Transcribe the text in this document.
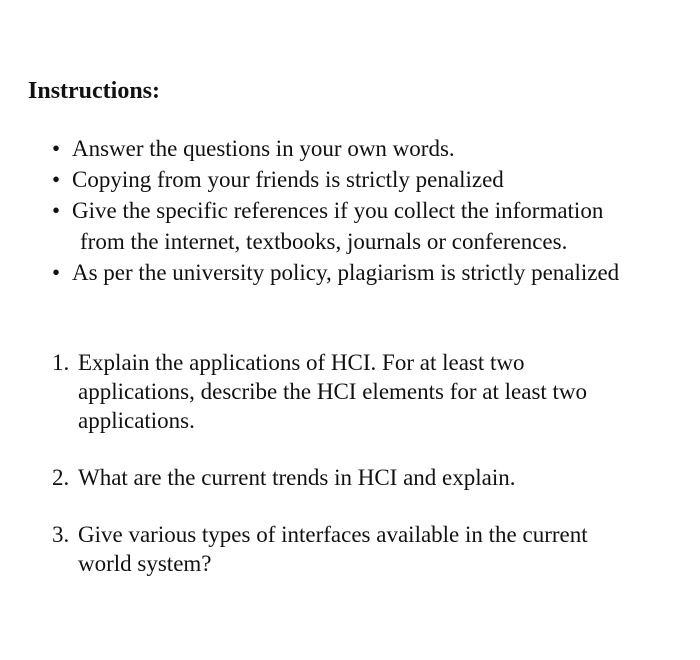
Instructions:
• Answer the questions in your own words.
• Copying from your friends is strictly penalized
• Give the specific references if you collect the information
from the internet, textbooks, journals or conferences.
• As per the university policy, plagiarism is strictly penalized
1. Explain the applications of HCI. For at least two
applications, describe the HCI elements for at least two
applications.
2. What are the current trends in HCI and explain.
3. Give various types of interfaces available in the current
world system?
